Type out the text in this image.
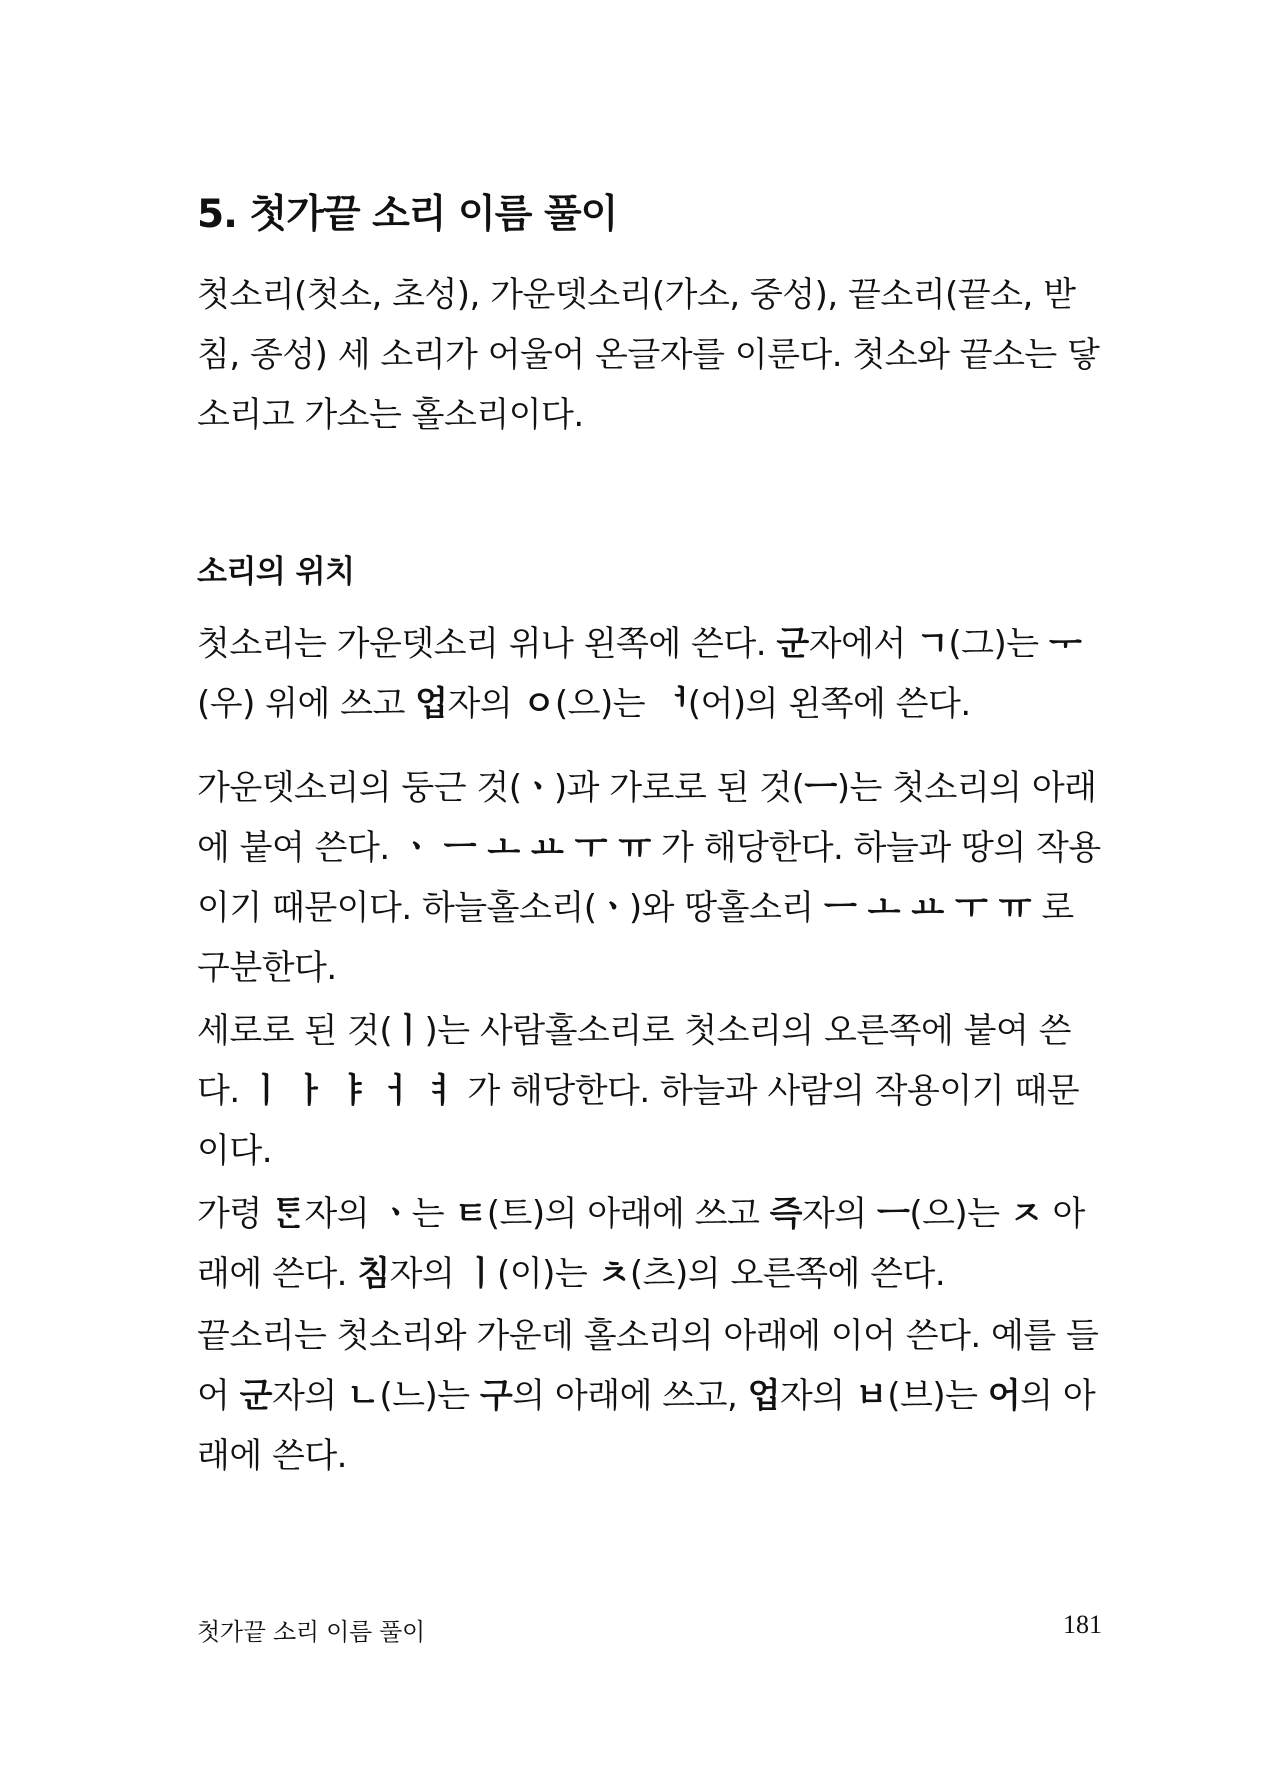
5. 첫가끝 소리 이름 풀이

첫소리(첫소, 초성), 가운뎃소리(가소, 중성), 끝소리(끝소, 받침, 종성) 세 소리가 어울어 온글자를 이룬다. 첫소와 끝소는 닿소리고 가소는 홀소리이다.

소리의 위치

첫소리는 가운뎃소리 위나 왼쪽에 쓴다. 군자에서 ㄱ(그)는 ᅮ(우) 위에 쓰고 업자의 ㅇ(으)는 ᅥ(어)의 왼쪽에 쓴다.

가운뎃소리의 둥근 것(ㆍ)과 가로로 된 것(ㅡ)는 첫소리의 아래에 붙여 쓴다. ㆍ ㅡ ㅗ ㅛ ㅜ ㅠ 가 해당한다. 하늘과 땅의 작용이기 때문이다. 하늘홀소리(ㆍ)와 땅홀소리 ㅡ ㅗ ㅛ ㅜ ㅠ 로 구분한다.

세로로 된 것(ㅣ)는 사람홀소리로 첫소리의 오른쪽에 붙여 쓴다. ㅣ ㅏ ㅑ ㅓ ㅕ 가 해당한다. 하늘과 사람의 작용이기 때문이다.

가령 ᄐᆞᆫ자의 ㆍ는 ㅌ(트)의 아래에 쓰고 즉자의 ㅡ(으)는 ㅈ 아래에 쓴다. 침자의 ㅣ(이)는 ㅊ(츠)의 오른쪽에 쓴다.

끝소리는 첫소리와 가운데 홀소리의 아래에 이어 쓴다. 예를 들어 군자의 ㄴ(느)는 구의 아래에 쓰고, 업자의 ㅂ(브)는 어의 아래에 쓴다.

첫가끝 소리 이름 풀이	181
